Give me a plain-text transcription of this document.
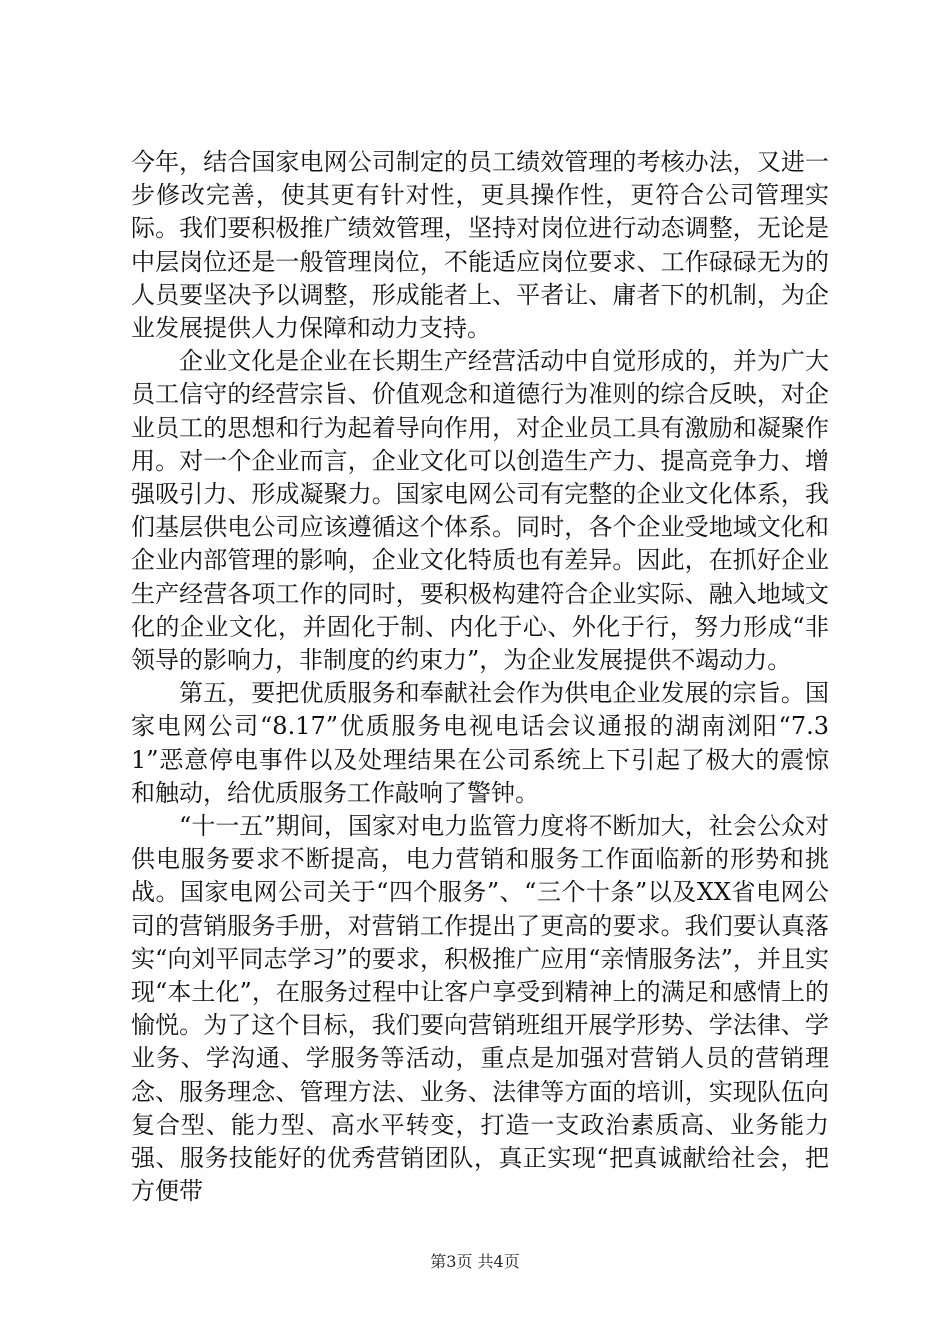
今年，结合国家电网公司制定的员工绩效管理的考核办法，又进一步修改完善，使其更有针对性，更具操作性，更符合公司管理实际。我们要积极推广绩效管理，坚持对岗位进行动态调整，无论是中层岗位还是一般管理岗位，不能适应岗位要求、工作碌碌无为的人员要坚决予以调整，形成能者上、平者让、庸者下的机制，为企业发展提供人力保障和动力支持。

企业文化是企业在长期生产经营活动中自觉形成的，并为广大员工信守的经营宗旨、价值观念和道德行为准则的综合反映，对企业员工的思想和行为起着导向作用，对企业员工具有激励和凝聚作用。对一个企业而言，企业文化可以创造生产力、提高竞争力、增强吸引力、形成凝聚力。国家电网公司有完整的企业文化体系，我们基层供电公司应该遵循这个体系。同时，各个企业受地域文化和企业内部管理的影响，企业文化特质也有差异。因此，在抓好企业生产经营各项工作的同时，要积极构建符合企业实际、融入地域文化的企业文化，并固化于制、内化于心、外化于行，努力形成“非领导的影响力，非制度的约束力”，为企业发展提供不竭动力。

第五，要把优质服务和奉献社会作为供电企业发展的宗旨。国家电网公司“8.17”优质服务电视电话会议通报的湖南浏阳“7.31”恶意停电事件以及处理结果在公司系统上下引起了极大的震惊和触动，给优质服务工作敲响了警钟。

“十一五”期间，国家对电力监管力度将不断加大，社会公众对供电服务要求不断提高，电力营销和服务工作面临新的形势和挑战。国家电网公司关于“四个服务”、“三个十条”以及XX省电网公司的营销服务手册，对营销工作提出了更高的要求。我们要认真落实“向刘平同志学习”的要求，积极推广应用“亲情服务法”，并且实现“本土化”，在服务过程中让客户享受到精神上的满足和感情上的愉悦。为了这个目标，我们要向营销班组开展学形势、学法律、学业务、学沟通、学服务等活动，重点是加强对营销人员的营销理念、服务理念、管理方法、业务、法律等方面的培训，实现队伍向复合型、能力型、高水平转变，打造一支政治素质高、业务能力强、服务技能好的优秀营销团队，真正实现“把真诚献给社会，把方便带

第3页 共4页
